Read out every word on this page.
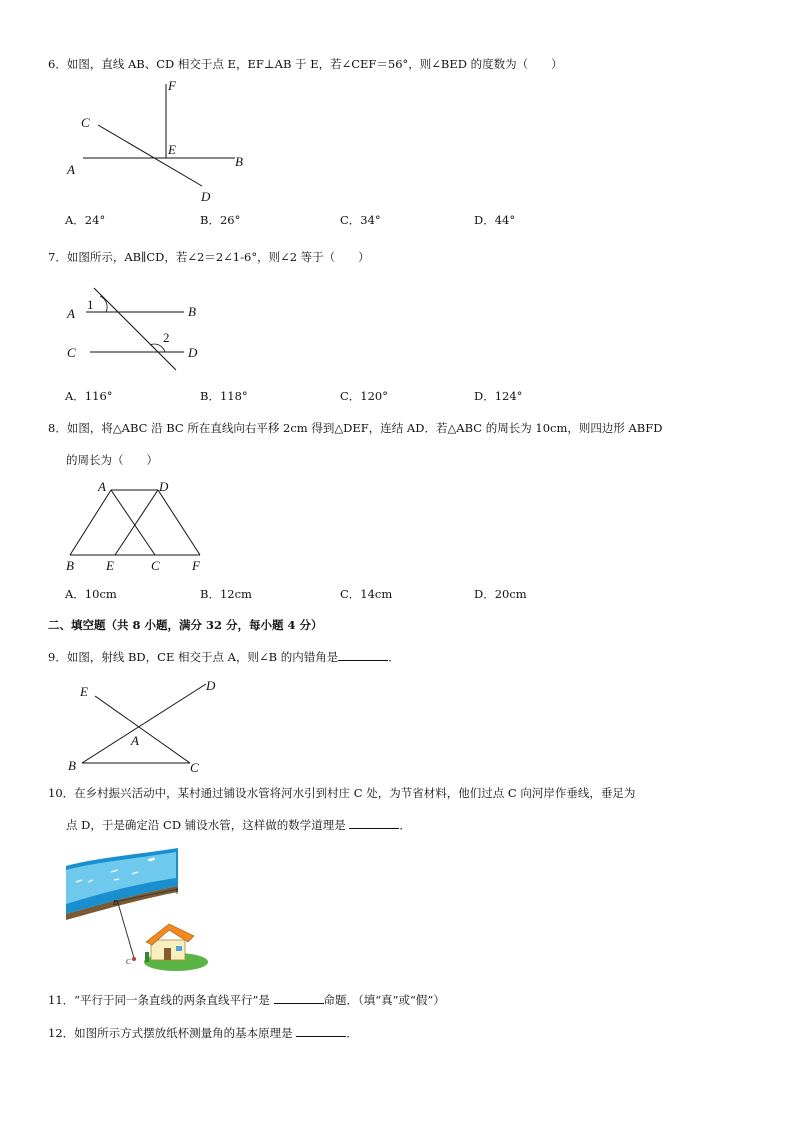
6．如图，直线 AB、CD 相交于点 E，EF⊥AB 于 E，若∠CEF＝56°，则∠BED 的度数为（　　）
F
C
E
A
B
D
A．24°	B．26°	C．34°	D．44°
7．如图所示，AB∥CD，若∠2＝2∠1-6°，则∠2 等于（　　）
1
2
A	B
C	D
A．116°	B．118°	C．120°	D．124°
8．如图，将△ABC 沿 BC 所在直线向右平移 2cm 得到△DEF，连结 AD．若△ABC 的周长为 10cm，则四边形 ABFD
的周长为（　　）
A	D
B E	C F
A．10cm	B．12cm	C．14cm	D．20cm
二、填空题（共 8 小题，满分 32 分，每小题 4 分）
9．如图，射线 BD，CE 相交于点 A，则∠B 的内错角是	．
E	D
A
B	C
10．在乡村振兴活动中，某村通过铺设水管将河水引到村庄 C 处，为节省材料，他们过点 C 向河岸作垂线，垂足为
点 D，于是确定沿 CD 铺设水管，这样做的数学道理是	．
l
D
C
11．“平行于同一条直线的两条直线平行”是	命题．（填“真”或“假”）
12．如图所示方式摆放纸杯测量角的基本原理是	．
